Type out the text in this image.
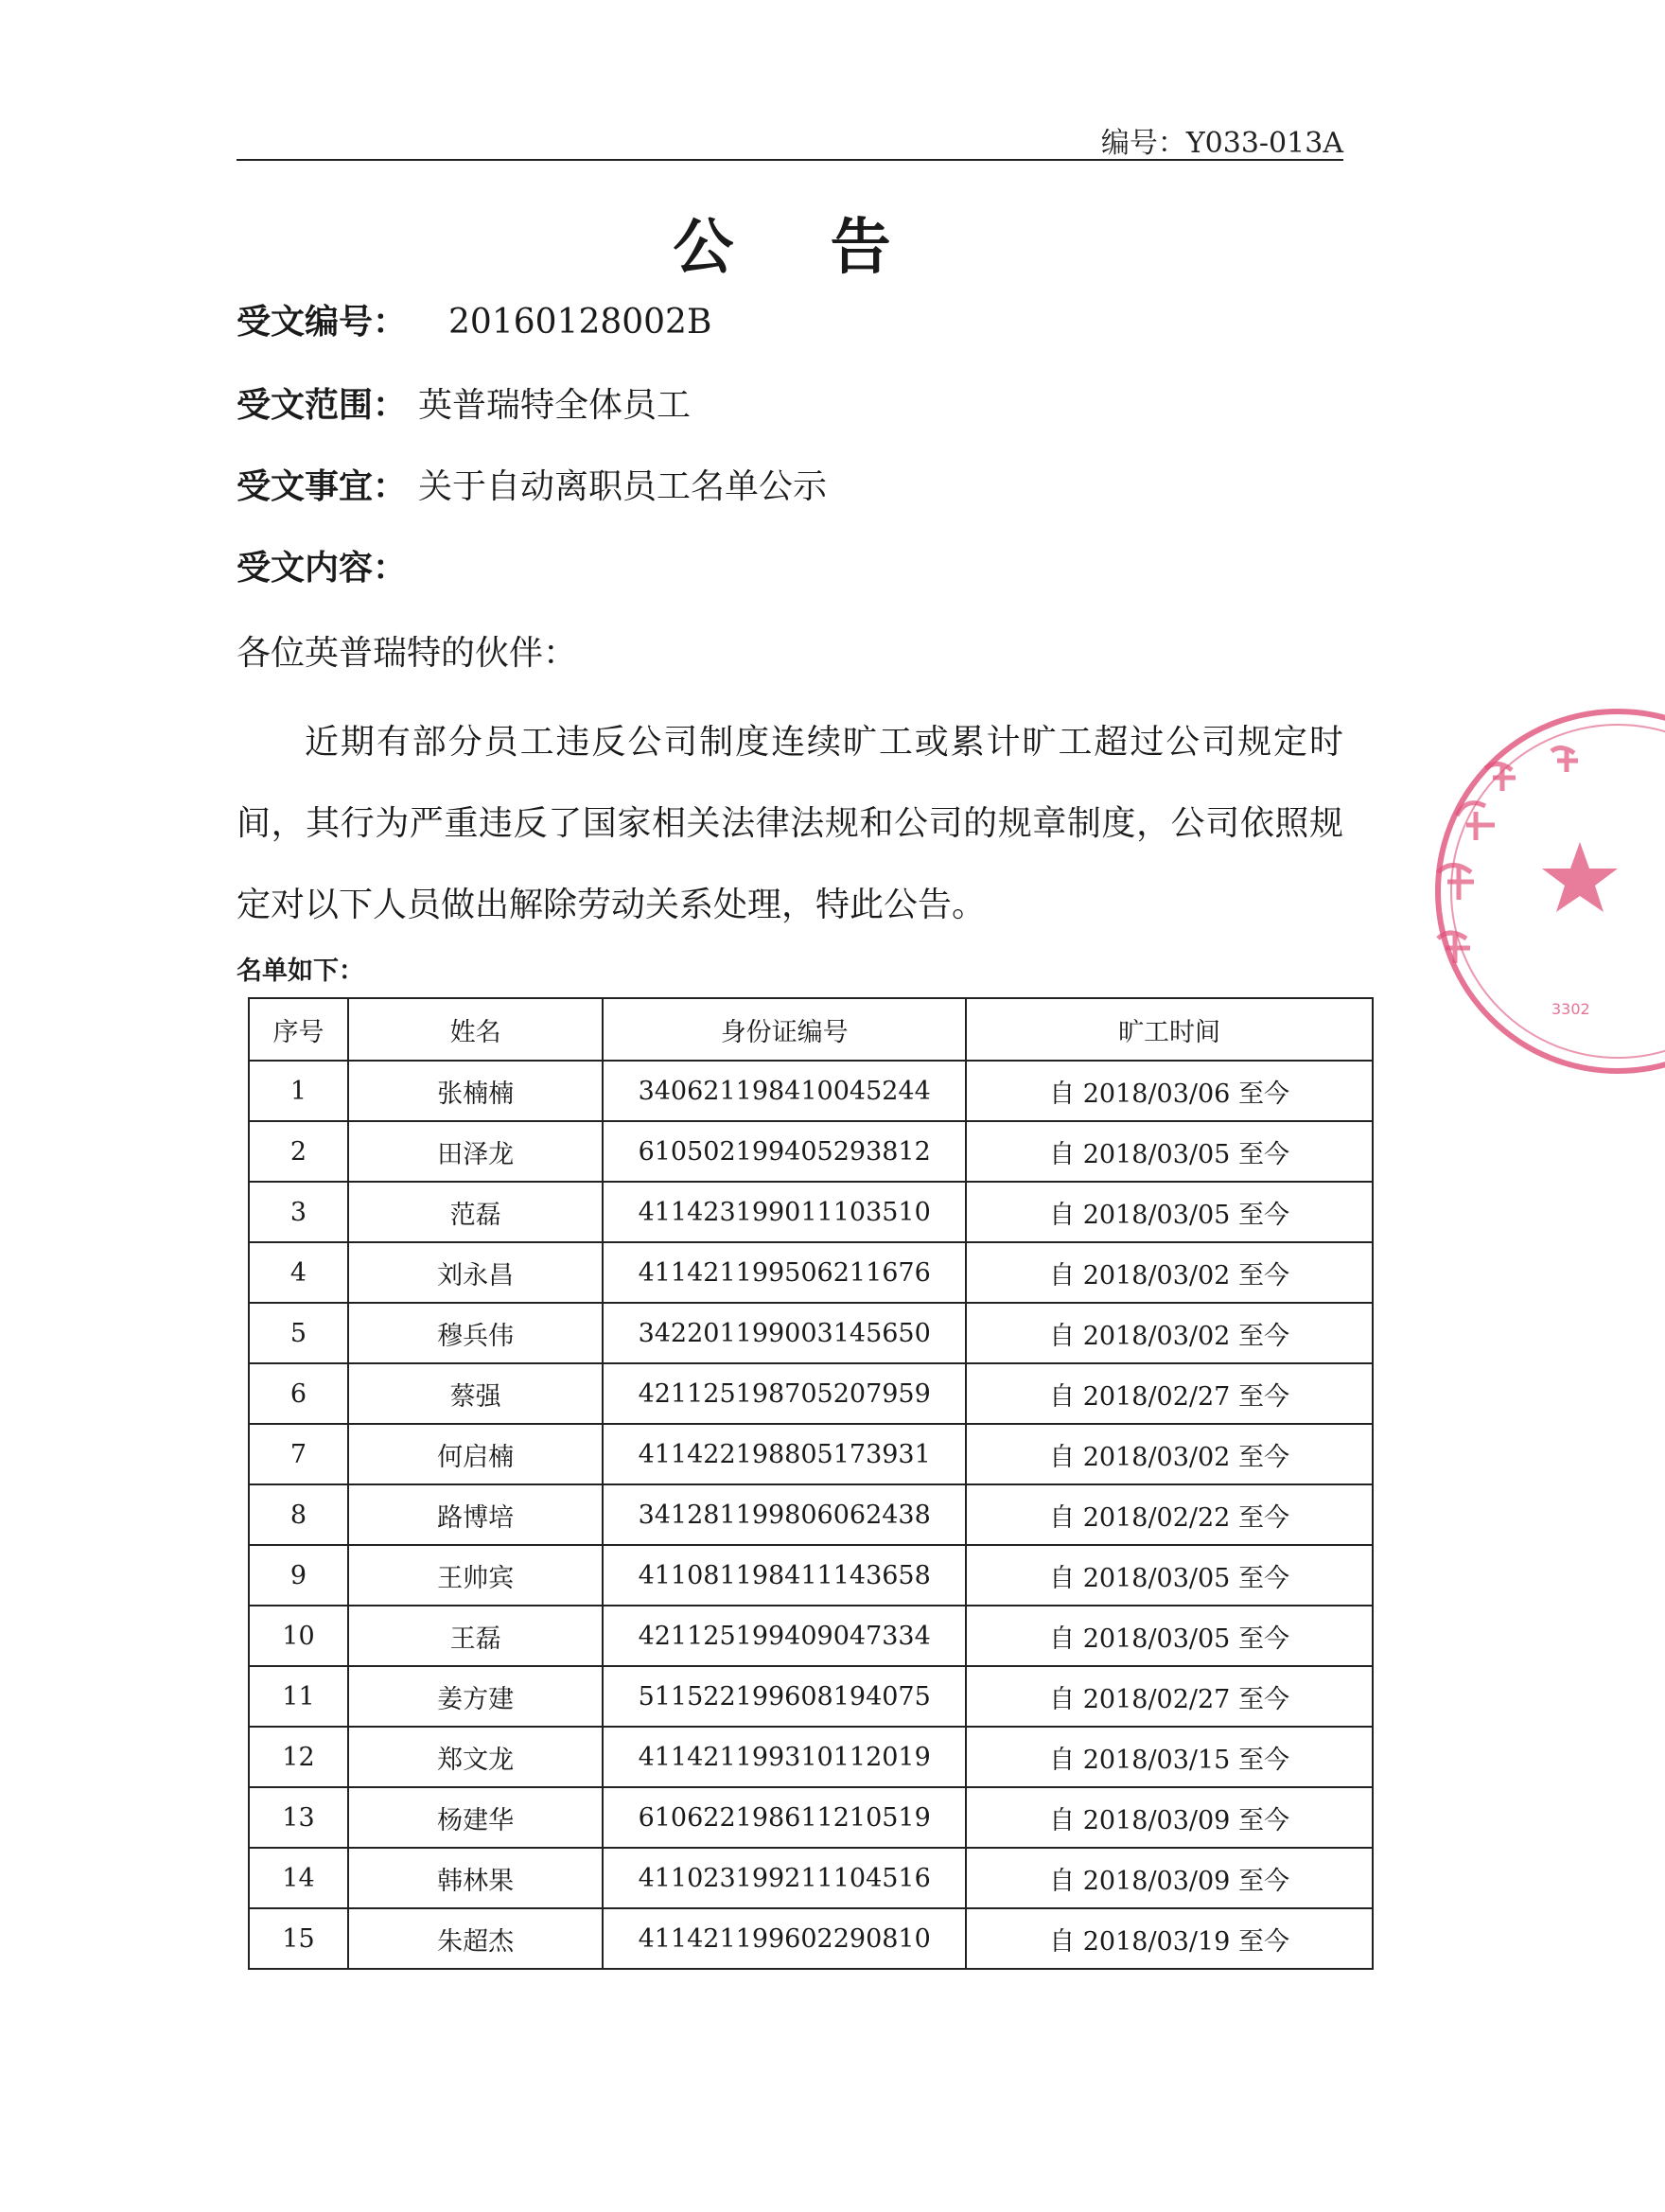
编号：Y033-013A
公 告
受文编号： 20160128002B
受文范围： 英普瑞特全体员工
受文事宜： 关于自动离职员工名单公示
受文内容：
各位英普瑞特的伙伴：
近期有部分员工违反公司制度连续旷工或累计旷工超过公司规定时间，其行为严重违反了国家相关法律法规和公司的规章制度，公司依照规定对以下人员做出解除劳动关系处理，特此公告。
名单如下：
序号	姓名	身份证编号	旷工时间
1	张楠楠	340621198410045244	自 2018/03/06 至今
2	田泽龙	610502199405293812	自 2018/03/05 至今
3	范磊	411423199011103510	自 2018/03/05 至今
4	刘永昌	411421199506211676	自 2018/03/02 至今
5	穆兵伟	342201199003145650	自 2018/03/02 至今
6	蔡强	421125198705207959	自 2018/02/27 至今
7	何启楠	411422198805173931	自 2018/03/02 至今
8	路博培	341281199806062438	自 2018/02/22 至今
9	王帅宾	411081198411143658	自 2018/03/05 至今
10	王磊	421125199409047334	自 2018/03/05 至今
11	姜方建	511522199608194075	自 2018/02/27 至今
12	郑文龙	411421199310112019	自 2018/03/15 至今
13	杨建华	610622198611210519	自 2018/03/09 至今
14	韩林果	411023199211104516	自 2018/03/09 至今
15	朱超杰	411421199602290810	自 2018/03/19 至今
3302
